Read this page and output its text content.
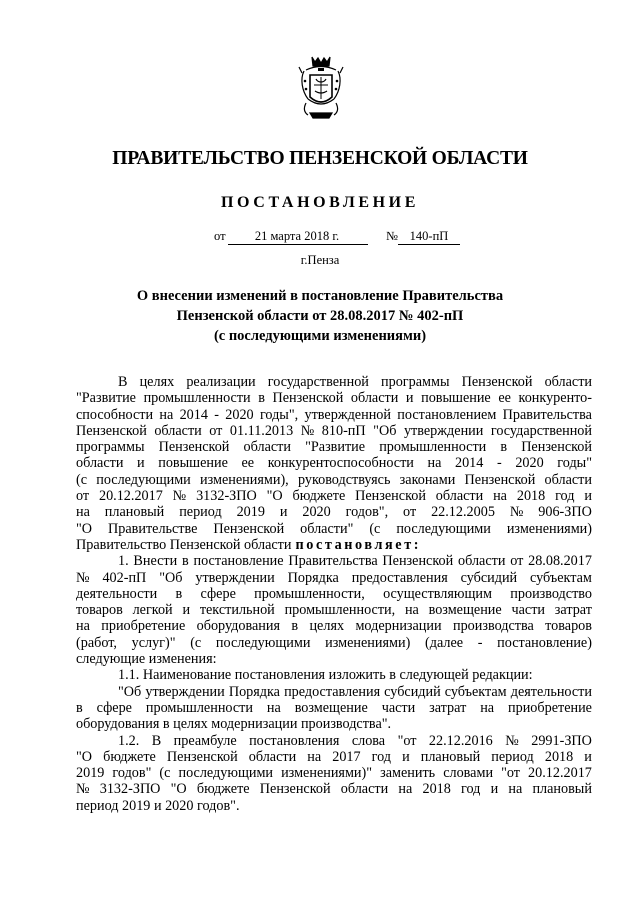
ПРАВИТЕЛЬСТВО ПЕНЗЕНСКОЙ ОБЛАСТИ
ПОСТАНОВЛЕНИЕ
от	21 марта 2018 г.	№ 140-пП
г.Пенза
О внесении изменений в постановление Правительства
Пензенской области от 28.08.2017 № 402-пП
(с последующими изменениями)
В целях реализации государственной программы Пензенской области
"Развитие промышленности в Пензенской области и повышение ее конкуренто-
способности на 2014 - 2020 годы", утвержденной постановлением Правительства
Пензенской области от 01.11.2013 № 810-пП "Об утверждении государственной
программы Пензенской области "Развитие промышленности в Пензенской
области и повышение ее конкурентоспособности на 2014 - 2020 годы"
(с последующими изменениями), руководствуясь законами Пензенской области
от 20.12.2017 № 3132-ЗПО "О бюджете Пензенской области на 2018 год и
на плановый период 2019 и 2020 годов", от 22.12.2005 № 906-ЗПО
"О Правительстве Пензенской области" (с последующими изменениями)
Правительство Пензенской области постановляет:
1. Внести в постановление Правительства Пензенской области от 28.08.2017
№ 402-пП "Об утверждении Порядка предоставления субсидий субъектам
деятельности в сфере промышленности, осуществляющим производство
товаров легкой и текстильной промышленности, на возмещение части затрат
на приобретение оборудования в целях модернизации производства товаров
(работ, услуг)" (с последующими изменениями) (далее - постановление)
следующие изменения:
1.1. Наименование постановления изложить в следующей редакции:
"Об утверждении Порядка предоставления субсидий субъектам деятельности
в сфере промышленности на возмещение части затрат на приобретение
оборудования в целях модернизации производства".
1.2. В преамбуле постановления слова "от 22.12.2016 № 2991-ЗПО
"О бюджете Пензенской области на 2017 год и плановый период 2018 и
2019 годов" (с последующими изменениями)" заменить словами "от 20.12.2017
№ 3132-ЗПО "О бюджете Пензенской области на 2018 год и на плановый
период 2019 и 2020 годов".
